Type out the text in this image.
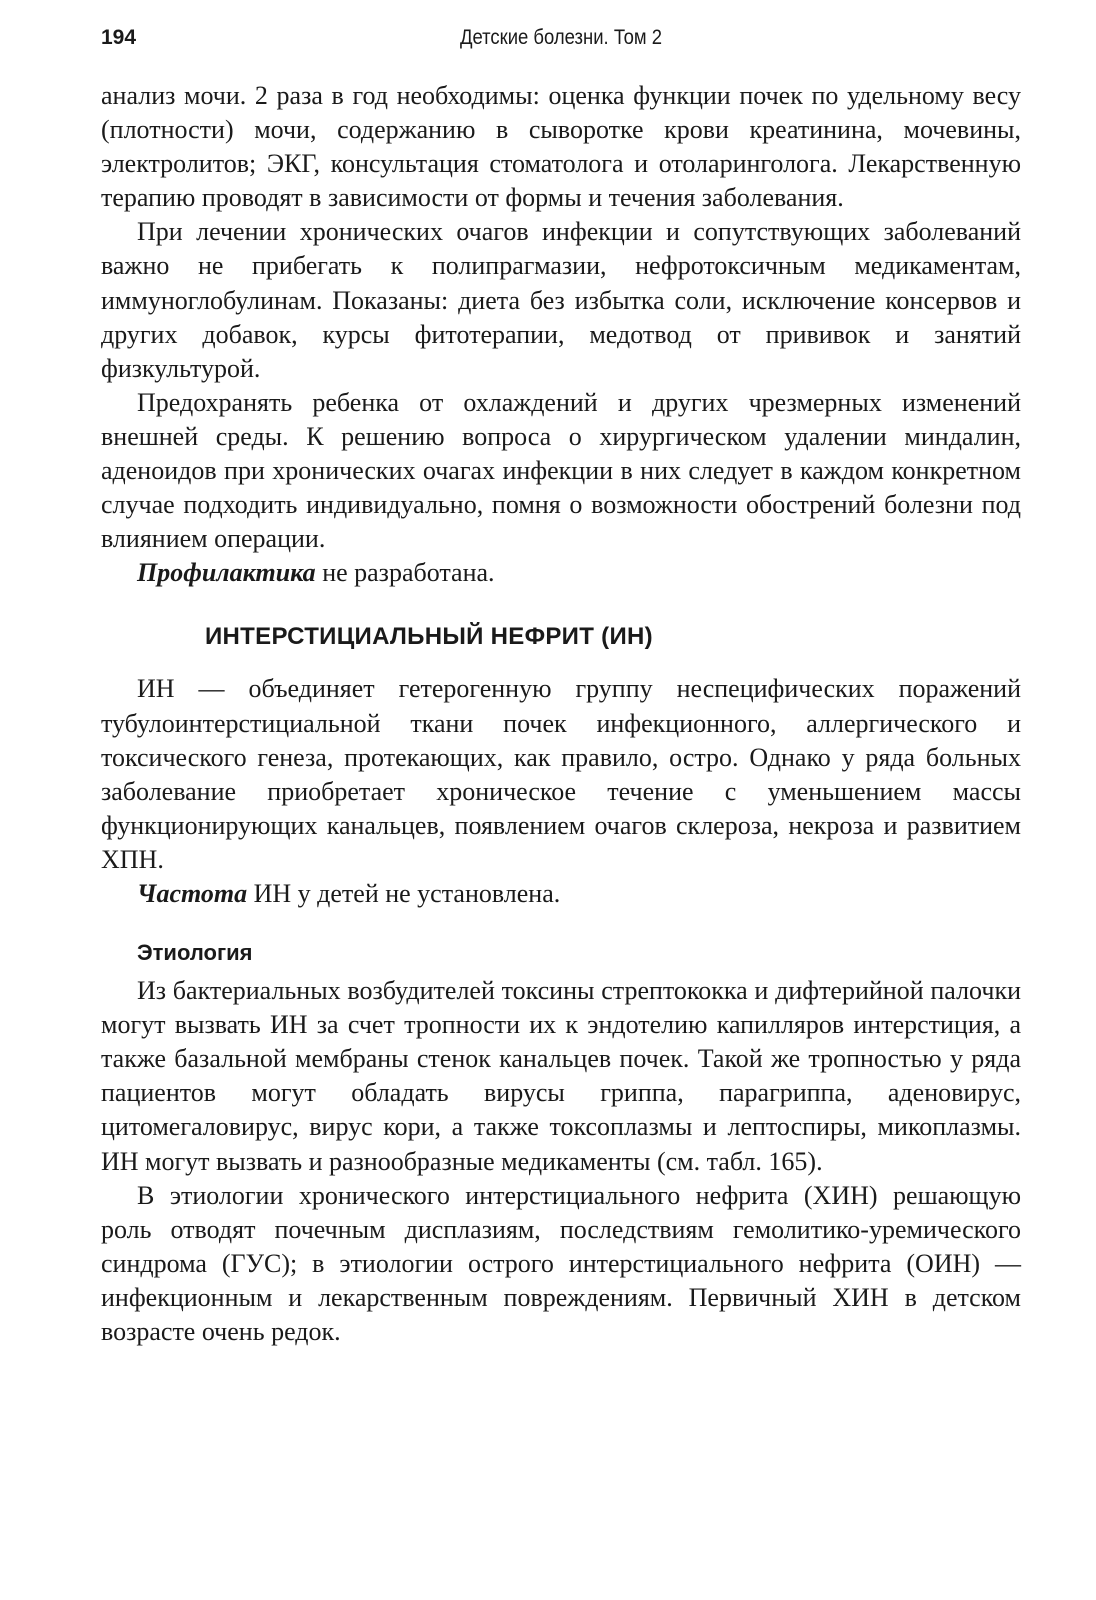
194	Детские болезни. Том 2

анализ мочи. 2 раза в год необходимы: оценка функции почек по удельному весу (плотности) мочи, содержанию в сыворотке крови креатинина, мочевины, электролитов; ЭКГ, консультация стоматолога и отоларинголога. Лекарственную терапию проводят в зависимости от формы и течения заболевания.

При лечении хронических очагов инфекции и сопутствующих заболеваний важно не прибегать к полипрагмазии, нефротоксичным медикаментам, иммуноглобулинам. Показаны: диета без избытка соли, исключение консервов и других добавок, курсы фитотерапии, медотвод от прививок и занятий физкультурой.

Предохранять ребенка от охлаждений и других чрезмерных изменений внешней среды. К решению вопроса о хирургическом удалении миндалин, аденоидов при хронических очагах инфекции в них следует в каждом конкретном случае подходить индивидуально, помня о возможности обострений болезни под влиянием операции.

Профилактика не разработана.

ИНТЕРСТИЦИАЛЬНЫЙ НЕФРИТ (ИН)

ИН — объединяет гетерогенную группу неспецифических поражений тубулоинтерстициальной ткани почек инфекционного, аллергического и токсического генеза, протекающих, как правило, остро. Однако у ряда больных заболевание приобретает хроническое течение с уменьшением массы функционирующих канальцев, появлением очагов склероза, некроза и развитием ХПН.

Частота ИН у детей не установлена.

Этиология

Из бактериальных возбудителей токсины стрептококка и дифтерийной палочки могут вызвать ИН за счет тропности их к эндотелию капилляров интерстиция, а также базальной мембраны стенок канальцев почек. Такой же тропностью у ряда пациентов могут обладать вирусы гриппа, парагриппа, аденовирус, цитомегаловирус, вирус кори, а также токсоплазмы и лептоспиры, микоплазмы. ИН могут вызвать и разнообразные медикаменты (см. табл. 165).

В этиологии хронического интерстициального нефрита (ХИН) решающую роль отводят почечным дисплазиям, последствиям гемолитико-уремического синдрома (ГУС); в этиологии острого интерстициального нефрита (ОИН) — инфекционным и лекарственным повреждениям. Первичный ХИН в детском возрасте очень редок.
